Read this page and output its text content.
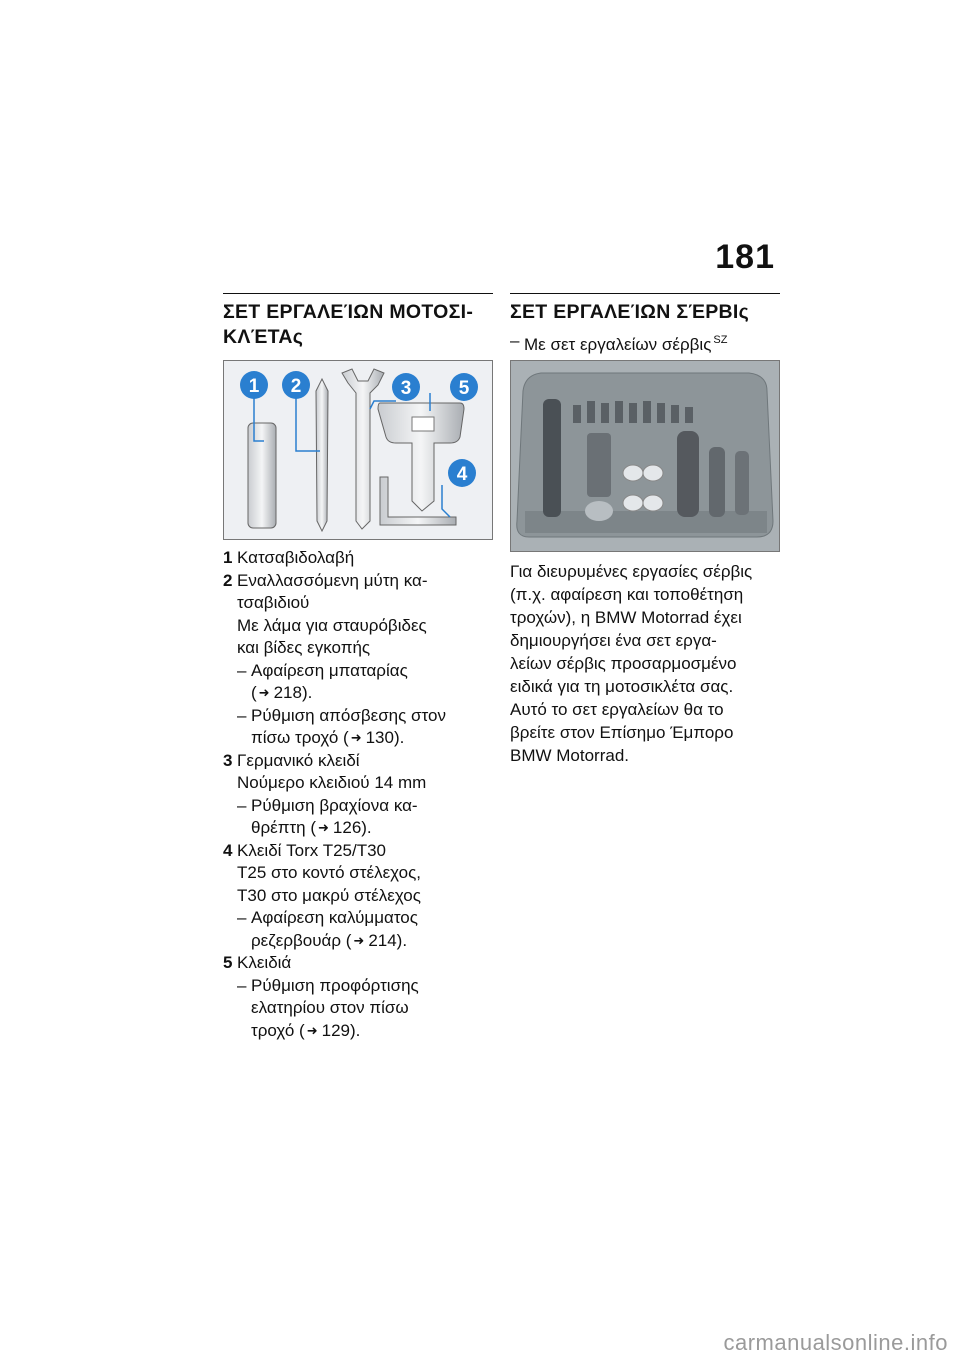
181
ΣΕΤ ΕΡΓΑΛΕΊΩΝ ΜΟΤΟΣΙ-
ΚΛΈΤΑς
1 2	3
4
5
1 Κατσαβιδολαβή
2 Εναλλασσόμενη μύτη κα-
τσαβιδιού
Με λάμα για σταυρόβιδες
και βίδες εγκοπής
– Αφαίρεση μπαταρίας
( ➜ 218).
– Ρύθμιση απόσβεσης στον
πίσω τροχό ( ➜ 130).
3 Γερμανικό κλειδί
Νούμερο κλειδιού 14 mm
– Ρύθμιση βραχίονα κα-
θρέπτη ( ➜ 126).
4 Κλειδί Torx T25/T30
T25 στο κοντό στέλεχος,
T30 στο μακρύ στέλεχος
– Αφαίρεση καλύμματος
ρεζερβουάρ ( ➜ 214).
5 Κλειδιά
– Ρύθμιση προφόρτισης
ελατηρίου στον πίσω
τροχό ( ➜ 129).
ΣΕΤ ΕΡΓΑΛΕΊΩΝ ΣΈΡΒΙς
– Με σετ εργαλείων σέρβις $^{SZ}$
Για διευρυμένες εργασίες σέρβις
(π.χ. αφαίρεση και τοποθέτηση
τροχών), η BMW Motorrad έχει
δημιουργήσει ένα σετ εργα-
λείων σέρβις προσαρμοσμένο
ειδικά για τη μοτοσικλέτα σας.
Αυτό το σετ εργαλείων θα το
βρείτε στον Επίσημο Έμπορο
BMW Motorrad.
carmanualsonline.info
